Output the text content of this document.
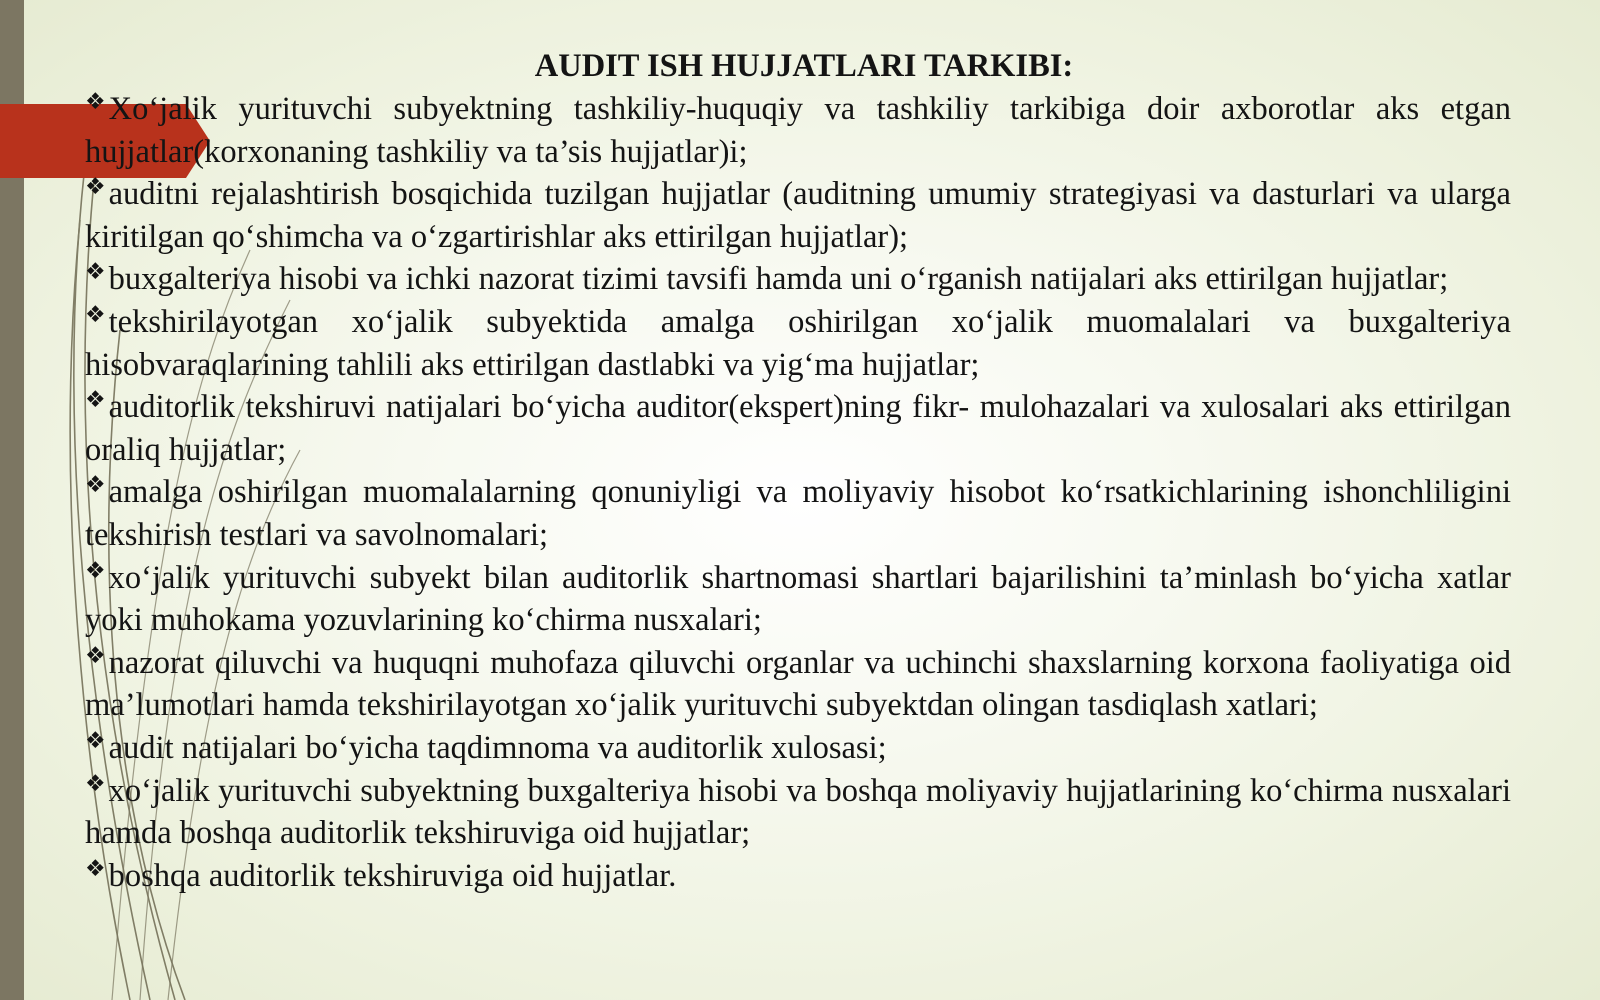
AUDIT ISH HUJJATLARI TARKIBI:
❖Xo‘jalik yurituvchi subyektning tashkiliy-huquqiy va tashkiliy tarkibiga doir axborotlar aks etgan hujjatlar(korxonaning tashkiliy va ta’sis hujjatlar)i;
❖auditni rejalashtirish bosqichida tuzilgan hujjatlar (auditning umumiy strategiyasi va dasturlari va ularga kiritilgan qo‘shimcha va o‘zgartirishlar aks ettirilgan hujjatlar);
❖buxgalteriya hisobi va ichki nazorat tizimi tavsifi hamda uni o‘rganish natijalari aks ettirilgan hujjatlar;
❖tekshirilayotgan xo‘jalik subyektida amalga oshirilgan xo‘jalik muomalalari va buxgalteriya hisobvaraqlarining tahlili aks ettirilgan dastlabki va yig‘ma hujjatlar;
❖auditorlik tekshiruvi natijalari bo‘yicha auditor(ekspert)ning fikr- mulohazalari va xulosalari aks ettirilgan oraliq hujjatlar;
❖amalga oshirilgan muomalalarning qonuniyligi va moliyaviy hisobot ko‘rsatkichlarining ishonchliligini tekshirish testlari va savolnomalari;
❖xo‘jalik yurituvchi subyekt bilan auditorlik shartnomasi shartlari bajarilishini ta’minlash bo‘yicha xatlar yoki muhokama yozuvlarining ko‘chirma nusxalari;
❖nazorat qiluvchi va huquqni muhofaza qiluvchi organlar va uchinchi shaxslarning korxona faoliyatiga oid ma’lumotlari hamda tekshirilayotgan xo‘jalik yurituvchi subyektdan olingan tasdiqlash xatlari;
❖audit natijalari bo‘yicha taqdimnoma va auditorlik xulosasi;
❖xo‘jalik yurituvchi subyektning buxgalteriya hisobi va boshqa moliyaviy hujjatlarining ko‘chirma nusxalari hamda boshqa auditorlik tekshiruviga oid hujjatlar;
❖boshqa auditorlik tekshiruviga oid hujjatlar.
